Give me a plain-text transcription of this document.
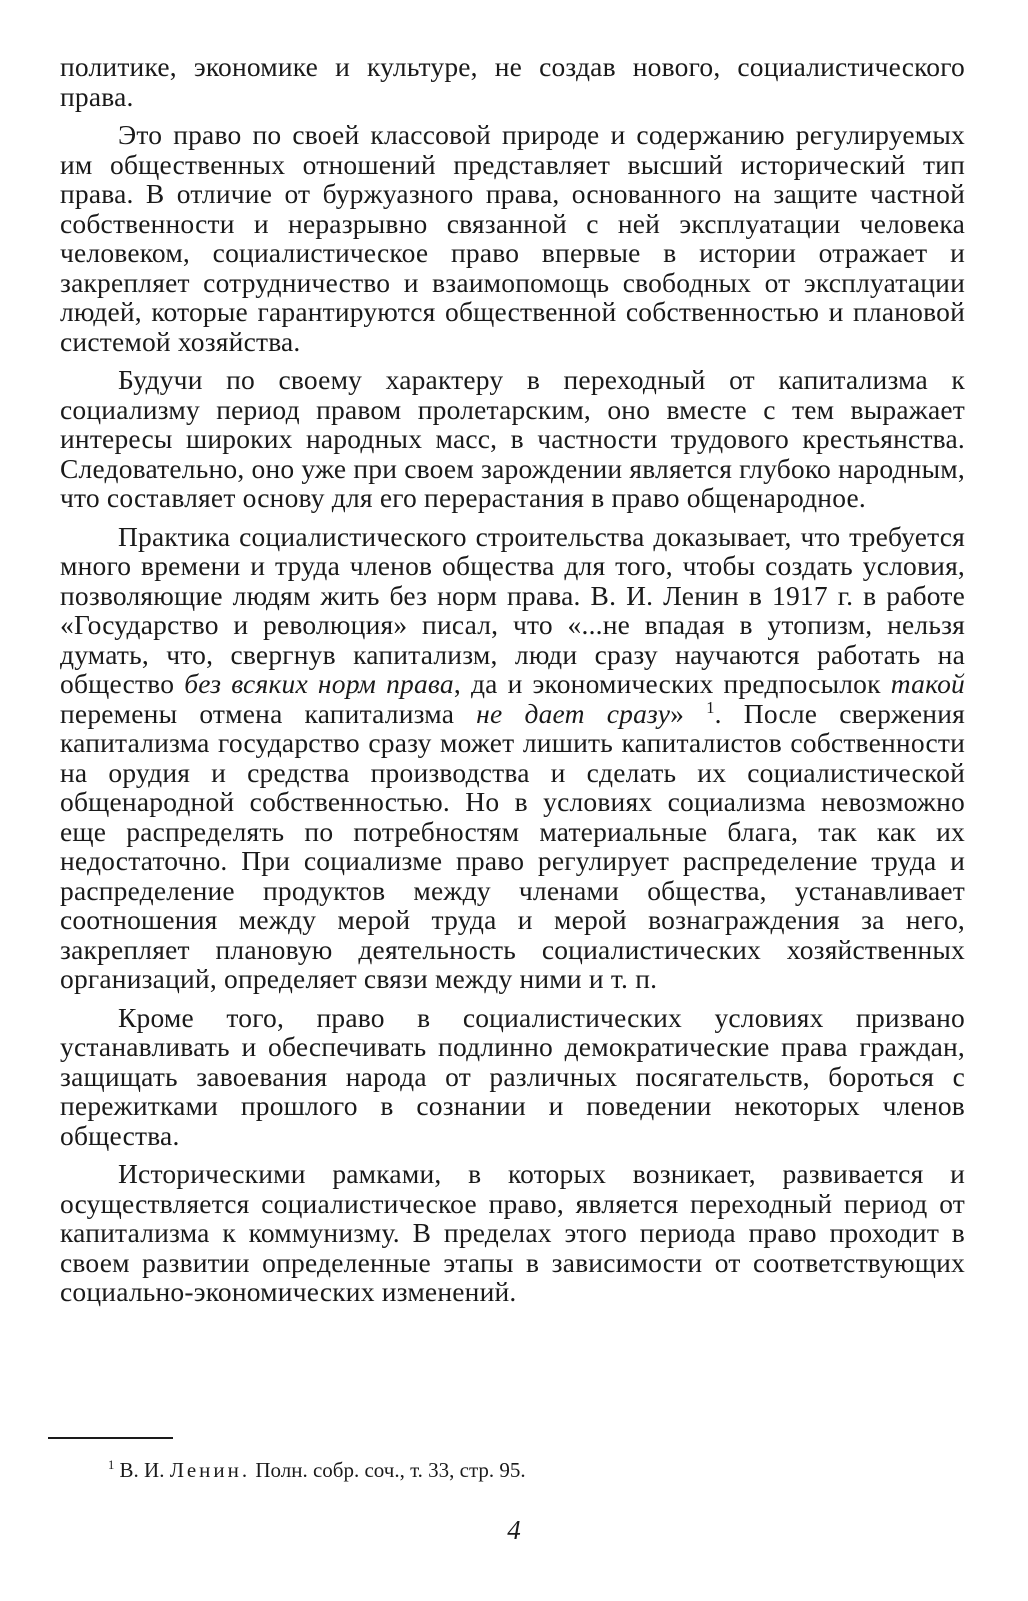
политике, экономике и культуре, не создав нового, социалистического права.

Это право по своей классовой природе и содержанию регулируемых им общественных отношений представляет высший исторический тип права. В отличие от буржуазного права, основанного на защите частной собственности и неразрывно связанной с ней эксплуатации человека человеком, социалистическое право впервые в истории отражает и закрепляет сотрудничество и взаимопомощь свободных от эксплуатации людей, которые гарантируются общественной собственностью и плановой системой хозяйства.

Будучи по своему характеру в переходный от капитализма к социализму период правом пролетарским, оно вместе с тем выражает интересы широких народных масс, в частности трудового крестьянства. Следовательно, оно уже при своем зарождении является глубоко народным, что составляет основу для его перерастания в право общенародное.

Практика социалистического строительства доказывает, что требуется много времени и труда членов общества для того, чтобы создать условия, позволяющие людям жить без норм права. В. И. Ленин в 1917 г. в работе «Государство и революция» писал, что «...не впадая в утопизм, нельзя думать, что, свергнув капитализм, люди сразу научаются работать на общество без всяких норм права, да и экономических предпосылок такой перемены отмена капитализма не дает сразу» $^1$. После свержения капитализма государство сразу может лишить капиталистов собственности на орудия и средства производства и сделать их социалистической общенародной собственностью. Но в условиях социализма невозможно еще распределять по потребностям материальные блага, так как их недостаточно. При социализме право регулирует распределение труда и распределение продуктов между членами общества, устанавливает соотношения между мерой труда и мерой вознаграждения за него, закрепляет плановую деятельность социалистических хозяйственных организаций, определяет связи между ними и т. п.

Кроме того, право в социалистических условиях призвано устанавливать и обеспечивать подлинно демократические права граждан, защищать завоевания народа от различных посягательств, бороться с пережитками прошлого в сознании и поведении некоторых членов общества.

Историческими рамками, в которых возникает, развивается и осуществляется социалистическое право, является переходный период от капитализма к коммунизму. В пределах этого периода право проходит в своем развитии определенные этапы в зависимости от соответствующих социально-экономических изменений.

$^1$ В. И. Ленин. Полн. собр. соч., т. 33, стр. 95.
4
